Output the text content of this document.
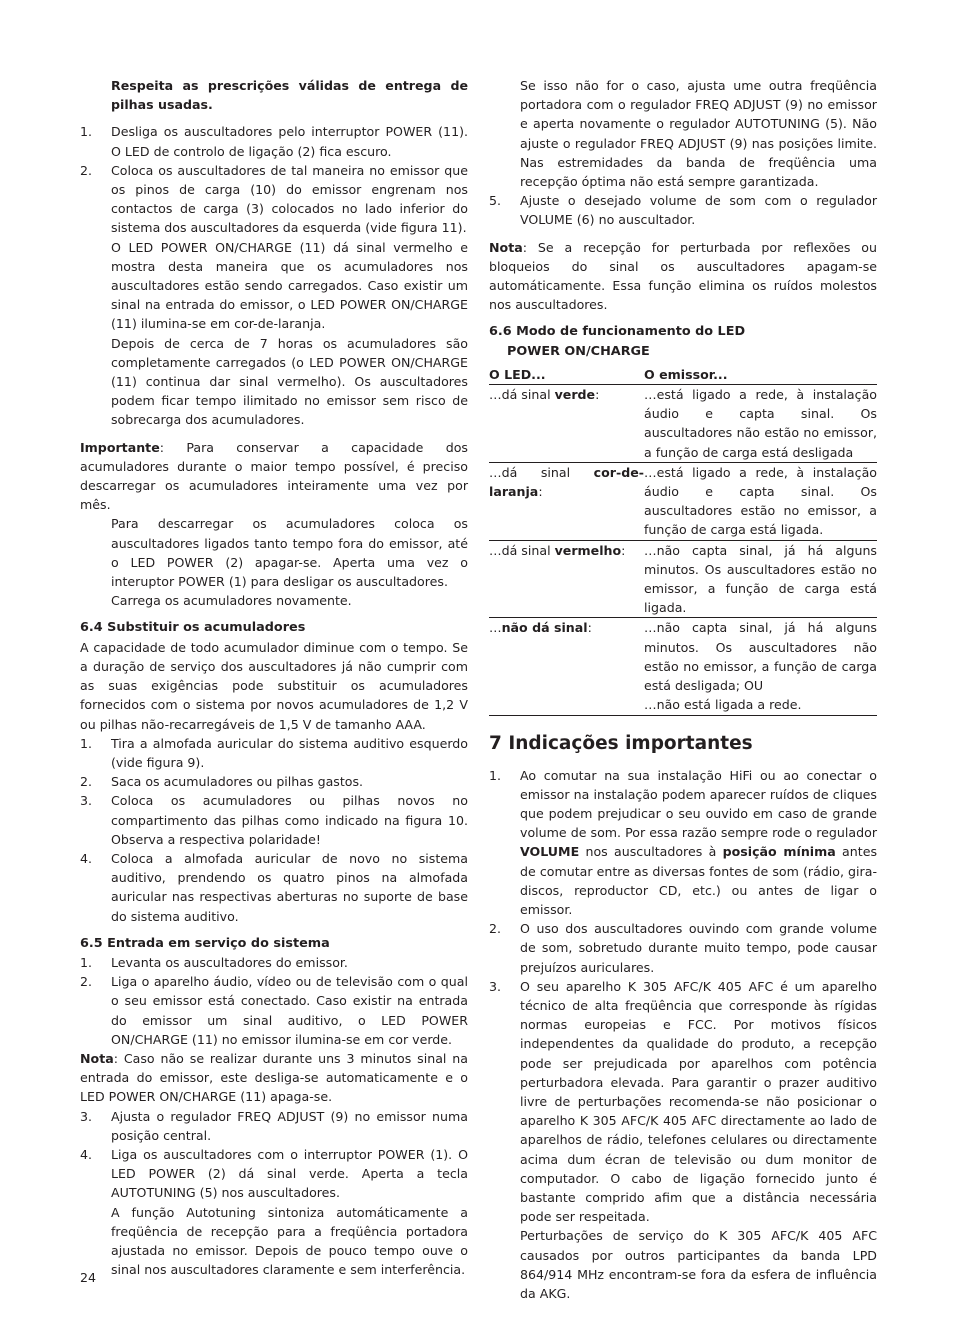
Respeita as prescrições válidas de entrega de pilhas usadas.

1. Desliga os auscultadores pelo interruptor POWER (11). O LED de controlo de ligação (2) fica escuro.

2. Coloca os auscultadores de tal maneira no emissor que os pinos de carga (10) do emissor engrenam nos contactos de carga (3) colocados no lado inferior do sistema dos auscultadores da esquerda (vide figura 11).

O LED POWER ON/CHARGE (11) dá sinal vermelho e mostra desta maneira que os acumuladores nos auscultadores estão sendo carregados. Caso existir um sinal na entrada do emissor, o LED POWER ON/CHARGE (11) ilumina-se em cor-de-laranja.

Depois de cerca de 7 horas os acumuladores são completamente carregados (o LED POWER ON/CHARGE (11) continua dar sinal vermelho). Os auscultadores podem ficar tempo ilimitado no emissor sem risco de sobrecarga dos acumuladores.

Importante: Para conservar a capacidade dos acumuladores durante o maior tempo possível, é preciso descarregar os acumuladores inteiramente uma vez por mês.

Para descarregar os acumuladores coloca os auscultadores ligados tanto tempo fora do emissor, até o LED POWER (2) apagar-se. Aperta uma vez o interuptor POWER (1) para desligar os auscultadores.

Carrega os acumuladores novamente.

6.4 Substituir os acumuladores

A capacidade de todo acumulador diminue com o tempo. Se a duração de serviço dos auscultadores já não cumprir com as suas exigências pode substituir os acumuladores fornecidos com o sistema por novos acumuladores de 1,2 V ou pilhas não-recarregáveis de 1,5 V de tamanho AAA.

1. Tira a almofada auricular do sistema auditivo esquerdo (vide figura 9).

2. Saca os acumuladores ou pilhas gastos.

3. Coloca os acumuladores ou pilhas novos no compartimento das pilhas como indicado na figura 10. Observa a respectiva polaridade!

4. Coloca a almofada auricular de novo no sistema auditivo, prendendo os quatro pinos na almofada auricular nas respectivas aberturas no suporte de base do sistema auditivo.

6.5 Entrada em serviço do sistema

1. Levanta os auscultadores do emissor.

2. Liga o aparelho áudio, vídeo ou de televisão com o qual o seu emissor está conectado. Caso existir na entrada do emissor um sinal auditivo, o LED POWER ON/CHARGE (11) no emissor ilumina-se em cor verde.

Nota: Caso não se realizar durante uns 3 minutos sinal na entrada do emissor, este desliga-se automaticamente e o LED POWER ON/CHARGE (11) apaga-se.

3. Ajusta o regulador FREQ ADJUST (9) no emissor numa posição central.

4. Liga os auscultadores com o interruptor POWER (1). O LED POWER (2) dá sinal verde. Aperta a tecla AUTOTUNING (5) nos auscultadores.

A função Autotuning sintoniza automáticamente a freqüência de recepção para a freqüência portadora ajustada no emissor. Depois de pouco tempo ouve o sinal nos auscultadores claramente e sem interferência.

Se isso não for o caso, ajusta ume outra freqüência portadora com o regulador FREQ ADJUST (9) no emissor e aperta novamente o regulador AUTOTUNING (5). Não ajuste o regulador FREQ ADJUST (9) nas posições limite. Nas estremidades da banda de freqüência uma recepção óptima não está sempre garantizada.

5. Ajuste o desejado volume de som com o regulador VOLUME (6) no auscultador.

Nota: Se a recepção for perturbada por reflexões ou bloqueios do sinal os auscultadores apagam-se automáticamente. Essa função elimina os ruídos molestos nos auscultadores.

6.6 Modo de funcionamento do LED

POWER ON/CHARGE

O LED...	O emissor...
…dá sinal verde:	…está ligado a rede, à instalação áudio e capta sinal. Os auscultadores não estão no emissor, a função de carga está desligada
…dá sinal cor-de-laranja:	…está ligado a rede, à instalação áudio e capta sinal. Os auscultadores estão no emissor, a função de carga está ligada.
…dá sinal vermelho:	…não capta sinal, já há alguns minutos. Os auscultadores estão no emissor, a função de carga está ligada.
…não dá sinal:	…não capta sinal, já há alguns minutos. Os auscultadores não estão no emissor, a função de carga está desligada; OU
…não está ligada a rede.

7 Indicações importantes

1. Ao comutar na sua instalação HiFi ou ao conectar o emissor na instalação podem aparecer ruídos de cliques que podem prejudicar o seu ouvido em caso de grande volume de som. Por essa razão sempre rode o regulador VOLUME nos auscultadores à posição mínima antes de comutar entre as diversas fontes de som (rádio, gira-discos, reproductor CD, etc.) ou antes de ligar o emissor.

2. O uso dos auscultadores ouvindo com grande volume de som, sobretudo durante muito tempo, pode causar prejuízos auriculares.

3. O seu aparelho K 305 AFC/K 405 AFC é um aparelho técnico de alta freqüência que corresponde às rígidas normas europeias e FCC. Por motivos físicos independentes da qualidade do produto, a recepção pode ser prejudicada por aparelhos com potência perturbadora elevada. Para garantir o prazer auditivo livre de perturbações recomenda-se não posicionar o aparelho K 305 AFC/K 405 AFC directamente ao lado de aparelhos de rádio, telefones celulares ou directamente acima dum écran de televisão ou dum monitor de computador. O cabo de ligação fornecido junto é bastante comprido afim que a distância necessária pode ser respeitada.

Perturbações de serviço do K 305 AFC/K 405 AFC causados por outros participantes da banda LPD 864/914 MHz encontram-se fora da esfera de influência da AKG.

24
